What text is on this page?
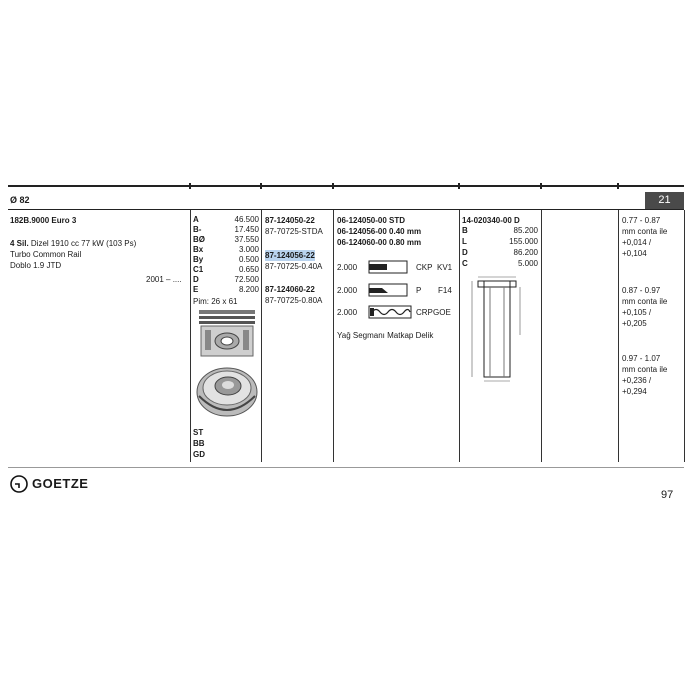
Ø 82	21
182B.9000 Euro 3
4 Sil. Dizel 1910 cc 77 kW (103 Ps)
Turbo Common Rail
Doblo 1.9 JTD
2001 – ....
A	46.500
B-	17.450
BØ	37.550
Bx	3.000
By	0.500
C1	0.650
D	72.500
E	8.200
Pim: 26 x 61
ST
BB
GD
87-124050-22
87-70725-STDA
87-124056-22
87-70725-0.40A
87-124060-22
87-70725-0.80A
06-124050-00 STD
06-124056-00 0.40 mm
06-124060-00 0.80 mm
2.000	CKP KV1
2.000	P F14
2.000	CRP GOE
Yağ Segmanı Matkap Delik
14-020340-00 D
B	85.200
L	155.000
D	86.200
C	5.000
0.77 - 0.87 mm conta ile +0,014 / +0,104
0.87 - 0.97 mm conta ile +0,105 / +0,205
0.97 - 1.07 mm conta ile +0,236 / +0,294
GOETZE
97
